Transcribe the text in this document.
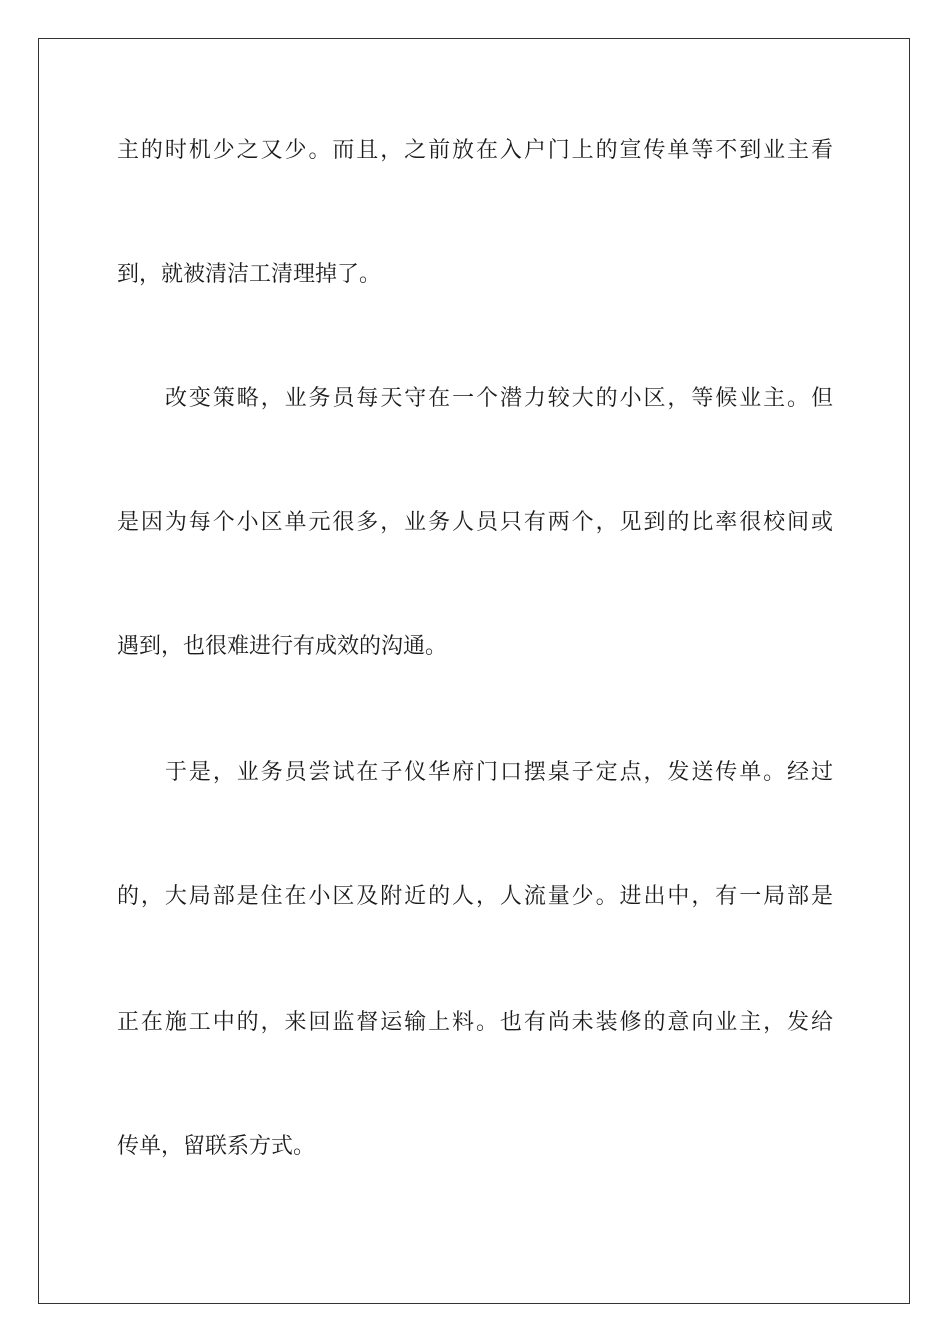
主的时机少之又少。而且，之前放在入户门上的宣传单等不到业主看
到，就被清洁工清理掉了。
改变策略，业务员每天守在一个潜力较大的小区，等候业主。但
是因为每个小区单元很多，业务人员只有两个，见到的比率很校间或
遇到，也很难进行有成效的沟通。
于是，业务员尝试在子仪华府门口摆桌子定点，发送传单。经过
的，大局部是住在小区及附近的人，人流量少。进出中，有一局部是
正在施工中的，来回监督运输上料。也有尚未装修的意向业主，发给
传单，留联系方式。
